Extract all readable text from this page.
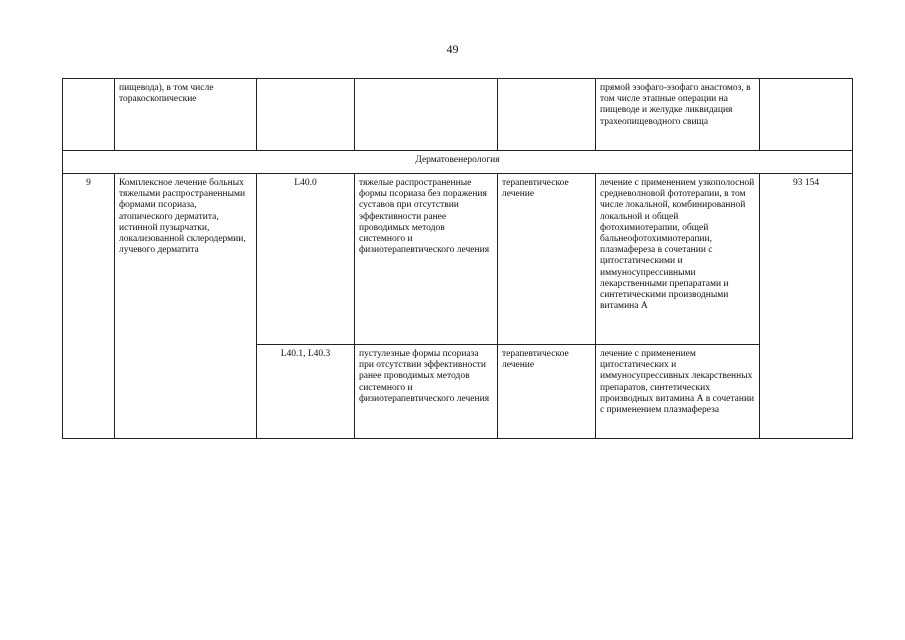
49
	пищевода), в том числе торакоскопические				прямой эзофаго-эзофаго анастомоз, в том числе этапные операции на пищеводе и желудке ликвидация трахеопищеводного свища	
Дерматовенерология						
9	Комплексное лечение больных тяжелыми распространенными формами псориаза, атопического дерматита, истинной пузырчатки, локализованной склеродермии, лучевого дерматита	L40.0	тяжелые распространенные формы псориаза без поражения суставов при отсутствии эффективности ранее проводимых методов системного и физиотерапевтического лечения	терапевтическое лечение	лечение с применением узкополосной средневолновой фототерапии, в том числе локальной, комбинированной локальной и общей фотохимиотерапии, общей бальнеофотохимиотерапии, плазмафереза в сочетании с цитостатическими и иммуносупрессивными лекарственными препаратами и синтетическими производными витамина А	93 154
		L40.1, L40.3	пустулезные формы псориаза при отсутствии эффективности ранее проводимых методов системного и физиотерапевтического лечения	терапевтическое лечение	лечение с применением цитостатических и иммуносупрессивных лекарственных препаратов, синтетических производных витамина А в сочетании с применением плазмафереза	
